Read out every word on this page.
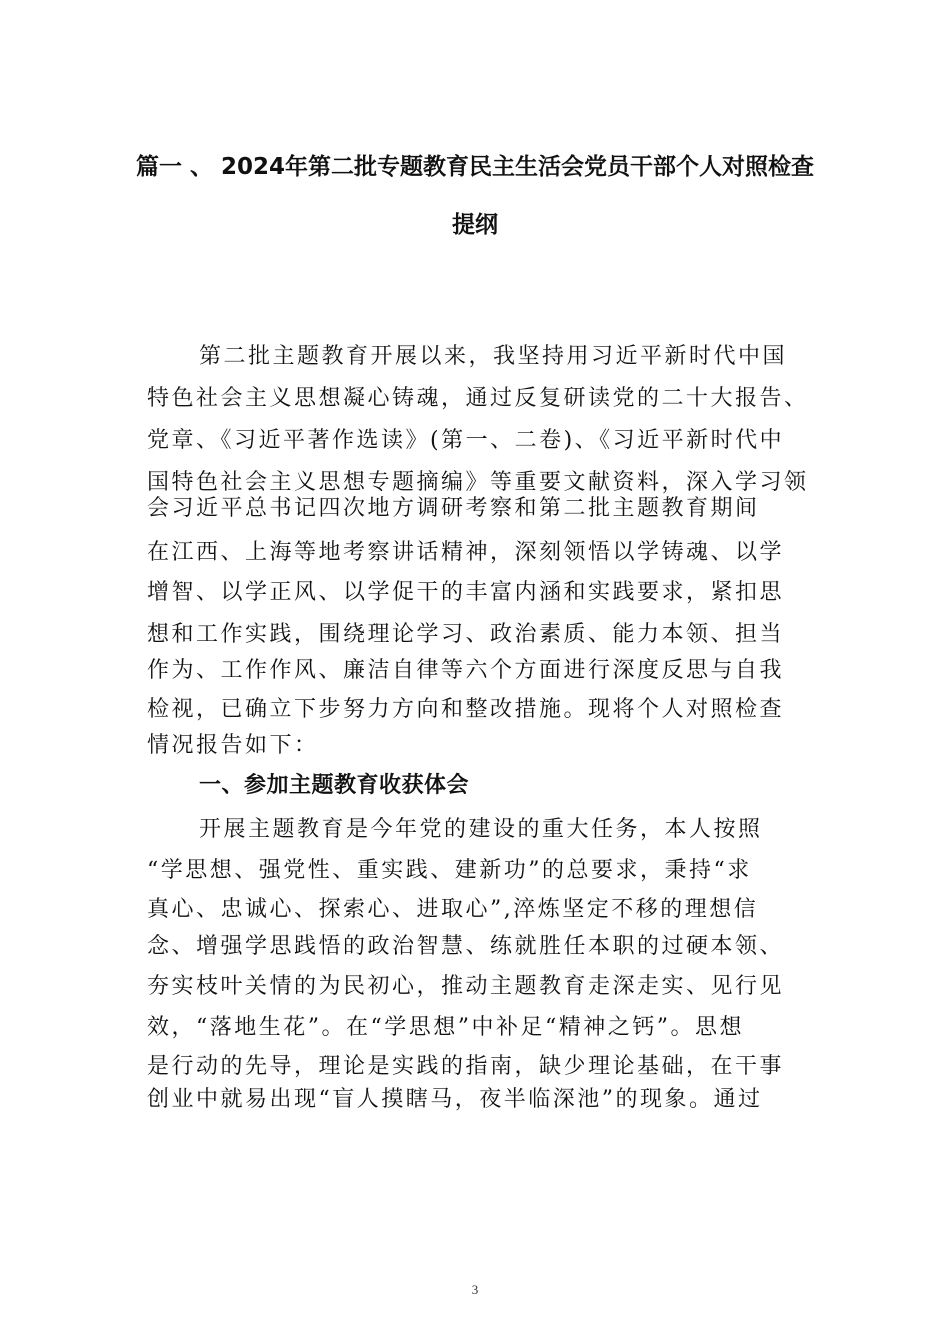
篇一 、 2024年第二批专题教育民主生活会党员干部个人对照检查
提纲
第二批主题教育开展以来，我坚持用习近平新时代中国
特色社会主义思想凝心铸魂，通过反复研读党的二十大报告、
党章、《习近平著作选读》(第一、二卷)、《习近平新时代中
国特色社会主义思想专题摘编》等重要文献资料，深入学习领
会习近平总书记四次地方调研考察和第二批主题教育期间
在江西、上海等地考察讲话精神，深刻领悟以学铸魂、以学
增智、以学正风、以学促干的丰富内涵和实践要求，紧扣思
想和工作实践，围绕理论学习、政治素质、能力本领、担当
作为、工作作风、廉洁自律等六个方面进行深度反思与自我
检视，已确立下步努力方向和整改措施。现将个人对照检查
情况报告如下：
一、参加主题教育收获体会
开展主题教育是今年党的建设的重大任务，本人按照
“学思想、强党性、重实践、建新功”的总要求，秉持“求
真心、忠诚心、探索心、进取心”,淬炼坚定不移的理想信
念、增强学思践悟的政治智慧、练就胜任本职的过硬本领、
夯实枝叶关情的为民初心，推动主题教育走深走实、见行见
效，“落地生花”。在“学思想”中补足“精神之钙”。思想
是行动的先导，理论是实践的指南，缺少理论基础，在干事
创业中就易出现“盲人摸瞎马，夜半临深池”的现象。通过
3
